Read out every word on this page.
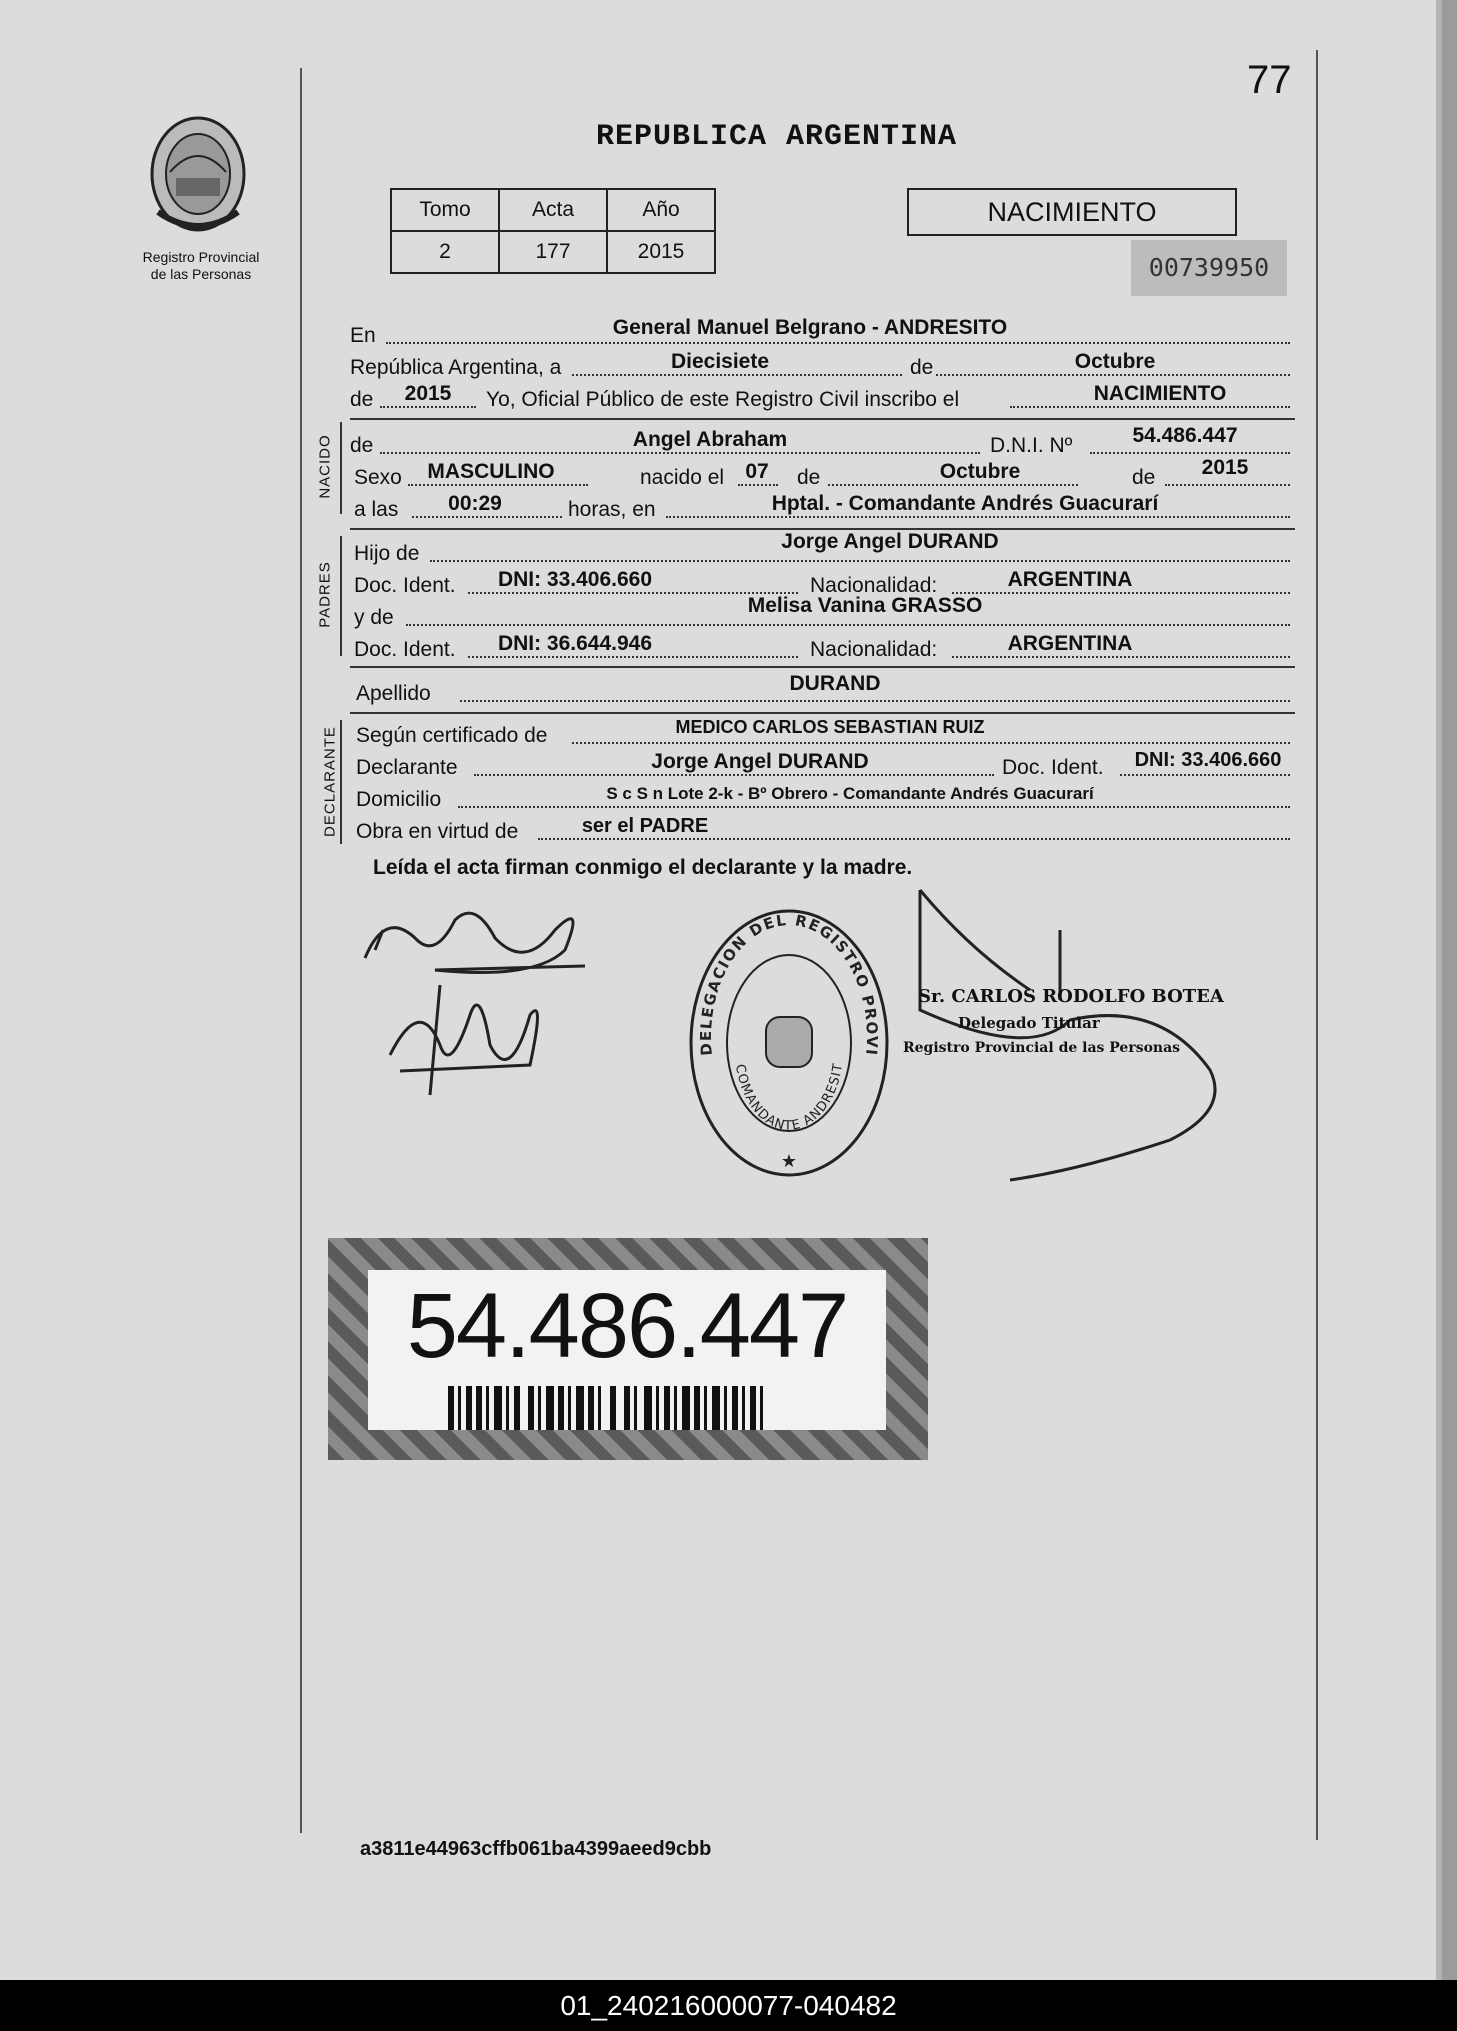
77
Registro Provincial
de las Personas
REPUBLICA ARGENTINA
Tomo	Acta	Año
2	177	2015
NACIMIENTO
00739950
En	General Manuel Belgrano - ANDRESITO
República Argentina, a	Diecisiete	de	Octubre
de	2015	Yo, Oficial Público de este Registro Civil inscribo el	NACIMIENTO
NACIDO de	Angel Abraham	D.N.I. Nº	54.486.447
Sexo	MASCULINO	nacido el 07 de	Octubre	de	2015
a las	00:29	horas, en	Hptal. - Comandante Andrés Guacurarí
PADRES
Hijo de
Jorge Angel DURAND
Doc. Ident.	DNI: 33.406.660	Nacionalidad:	ARGENTINA
y de
Melisa Vanina GRASSO
Doc. Ident.	DNI: 36.644.946	Nacionalidad:	ARGENTINA
Apellido	DURAND
DECLARANTE Según certificado de	MEDICO CARLOS SEBASTIAN RUIZ
Declarante	Jorge Angel DURAND	Doc. Ident.	DNI: 33.406.660
Domicilio	S c S n Lote 2-k - Bº Obrero - Comandante Andrés Guacurarí
Obra en virtud de	ser el PADRE
Leída el acta firman conmigo el declarante y la madre.
DELEGACION DEL REGISTRO PROVI
COMANDANTE ANDRESIT
★
Sr. CARLOS RODOLFO BOTEA
Delegado Titular
Registro Provincial de las Personas
54.486.447
a3811e44963cffb061ba4399aeed9cbb
01_240216000077-040482
